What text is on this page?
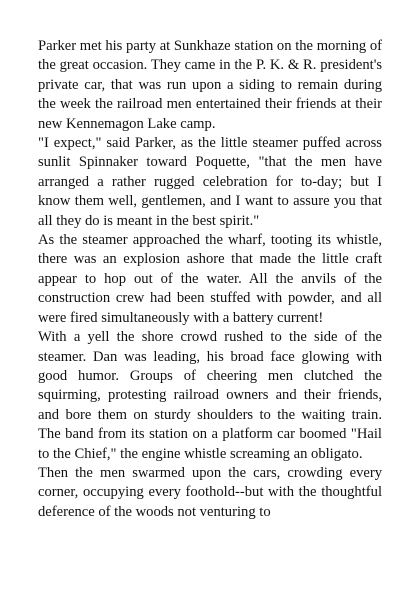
Parker met his party at Sunkhaze station on the morning of the great occasion. They came in the P. K. & R. president's private car, that was run upon a siding to remain during the week the railroad men entertained their friends at their new Kennemagon Lake camp.

"I expect," said Parker, as the little steamer puffed across sunlit Spinnaker toward Poquette, "that the men have arranged a rather rugged celebration for to-day; but I know them well, gentlemen, and I want to assure you that all they do is meant in the best spirit."

As the steamer approached the wharf, tooting its whistle, there was an explosion ashore that made the little craft appear to hop out of the water. All the anvils of the construction crew had been stuffed with powder, and all were fired simultaneously with a battery current!

With a yell the shore crowd rushed to the side of the steamer. Dan was leading, his broad face glowing with good humor. Groups of cheering men clutched the squirming, protesting railroad owners and their friends, and bore them on sturdy shoulders to the waiting train. The band from its station on a platform car boomed "Hail to the Chief," the engine whistle screaming an obligato.

Then the men swarmed upon the cars, crowding every corner, occupying every foothold--but with the thoughtful deference of the woods not venturing to
